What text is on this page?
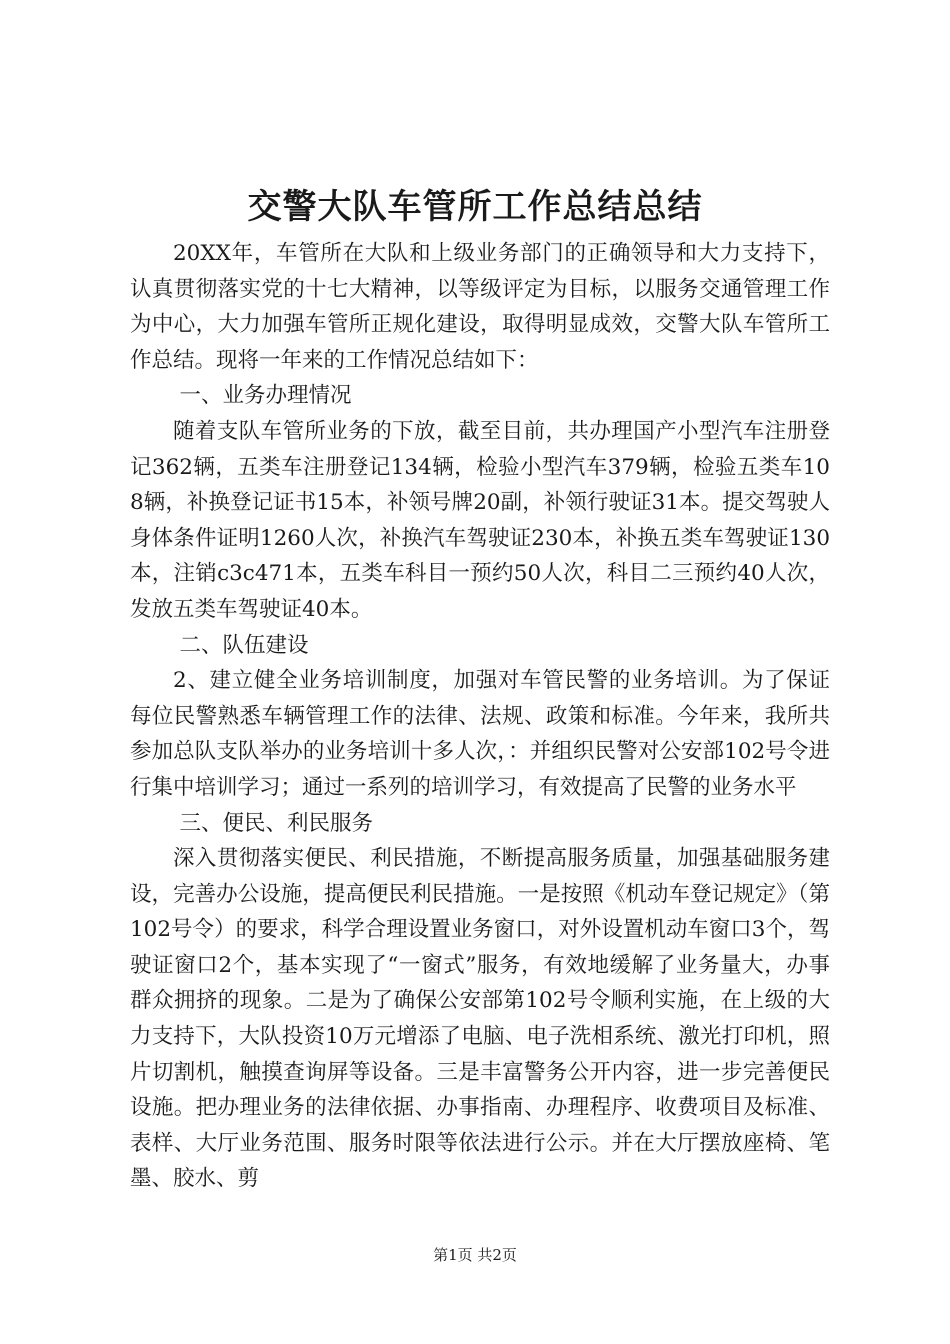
交警大队车管所工作总结总结

20XX年，车管所在大队和上级业务部门的正确领导和大力支持下，认真贯彻落实党的十七大精神，以等级评定为目标，以服务交通管理工作为中心，大力加强车管所正规化建设，取得明显成效，交警大队车管所工作总结。现将一年来的工作情况总结如下：

一、业务办理情况

随着支队车管所业务的下放，截至目前，共办理国产小型汽车注册登记362辆，五类车注册登记134辆，检验小型汽车379辆，检验五类车108辆，补换登记证书15本，补领号牌20副，补领行驶证31本。提交驾驶人身体条件证明1260人次，补换汽车驾驶证230本，补换五类车驾驶证130本，注销c3c471本，五类车科目一预约50人次，科目二三预约40人次，发放五类车驾驶证40本。

二、队伍建设

2、建立健全业务培训制度，加强对车管民警的业务培训。为了保证每位民警熟悉车辆管理工作的法律、法规、政策和标准。今年来，我所共参加总队支队举办的业务培训十多人次，：并组织民警对公安部102号令进行集中培训学习；通过一系列的培训学习，有效提高了民警的业务水平

三、便民、利民服务

深入贯彻落实便民、利民措施，不断提高服务质量，加强基础服务建设，完善办公设施，提高便民利民措施。一是按照《机动车登记规定》（第102号令）的要求，科学合理设置业务窗口，对外设置机动车窗口3个，驾驶证窗口2个，基本实现了“一窗式”服务，有效地缓解了业务量大，办事群众拥挤的现象。二是为了确保公安部第102号令顺利实施，在上级的大力支持下，大队投资10万元增添了电脑、电子洗相系统、激光打印机，照片切割机，触摸查询屏等设备。三是丰富警务公开内容，进一步完善便民设施。把办理业务的法律依据、办事指南、办理程序、收费项目及标准、表样、大厅业务范围、服务时限等依法进行公示。并在大厅摆放座椅、笔墨、胶水、剪

第1页 共2页
